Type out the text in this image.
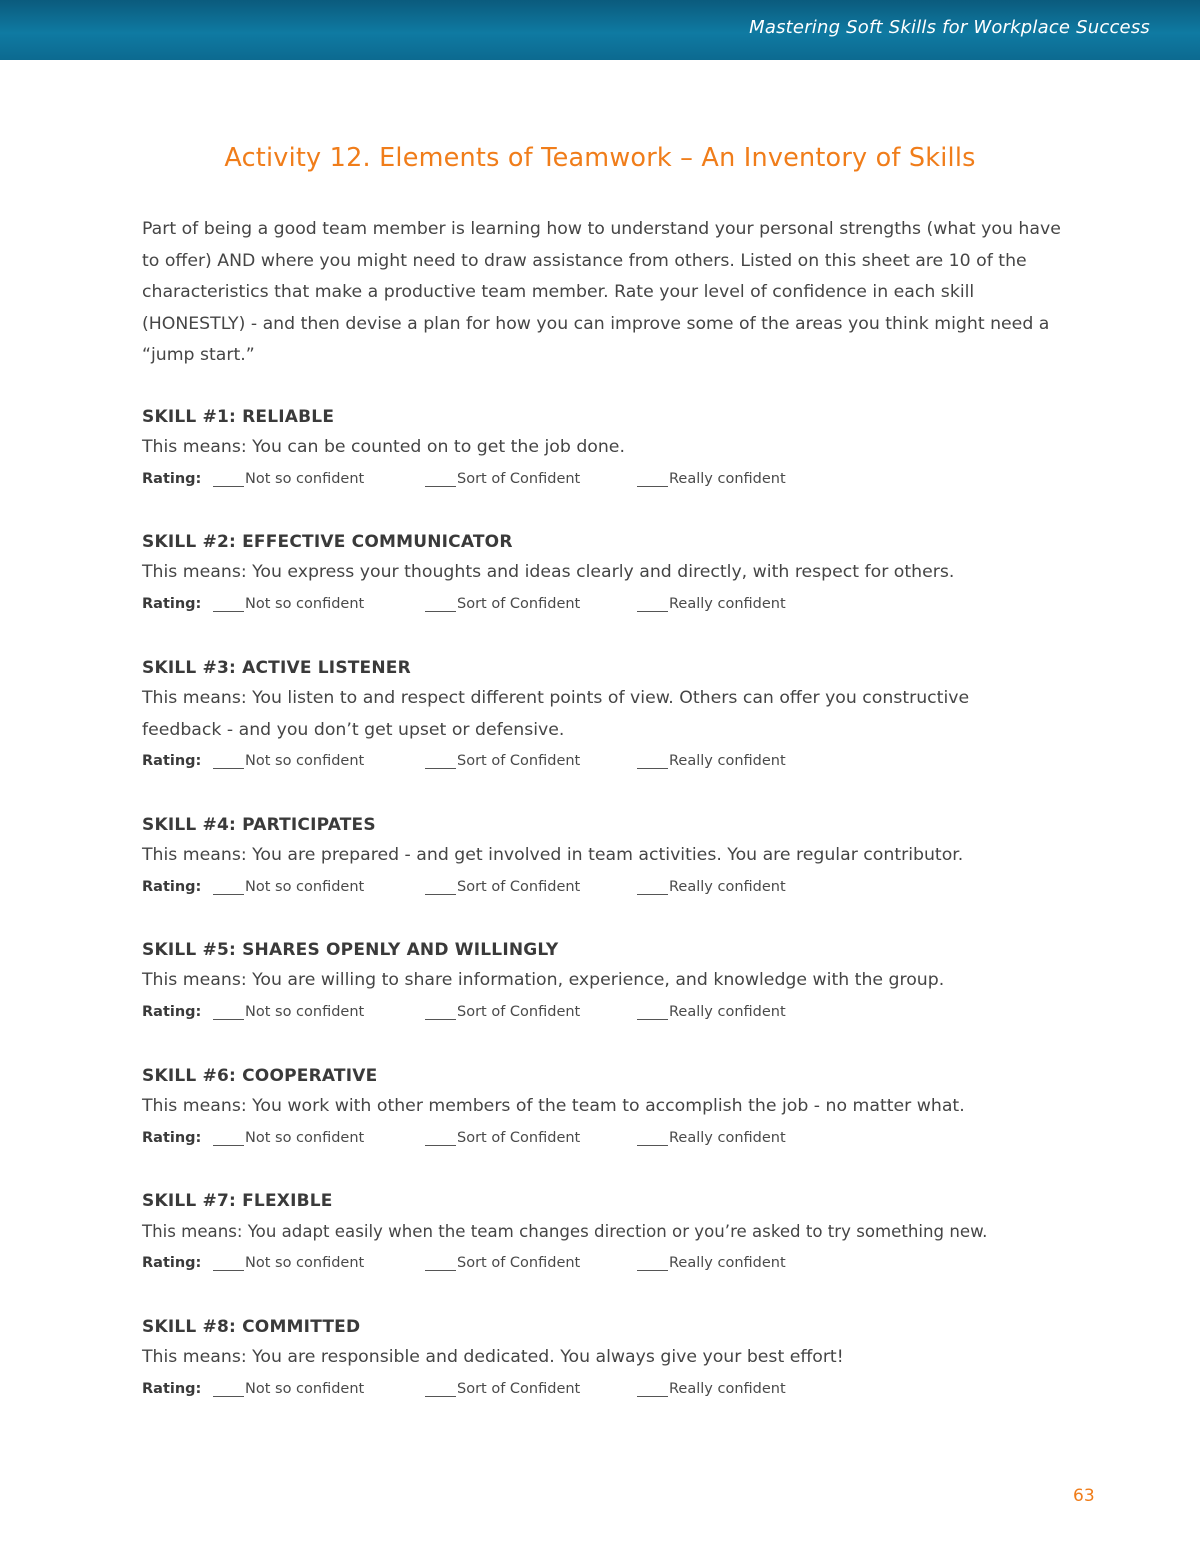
Mastering Soft Skills for Workplace Success
Activity 12. Elements of Teamwork – An Inventory of Skills
Part of being a good team member is learning how to understand your personal strengths (what you have to offer) AND where you might need to draw assistance from others. Listed on this sheet are 10 of the characteristics that make a productive team member. Rate your level of confidence in each skill (HONESTLY) - and then devise a plan for how you can improve some of the areas you think might need a “jump start.”
SKILL #1: RELIABLE
This means: You can be counted on to get the job done.
Rating:	Not so confident	Sort of Confident	Really confident
SKILL #2: EFFECTIVE COMMUNICATOR
This means: You express your thoughts and ideas clearly and directly, with respect for others.
Rating:	Not so confident	Sort of Confident	Really confident
SKILL #3: ACTIVE LISTENER
This means: You listen to and respect different points of view. Others can offer you constructive feedback - and you don’t get upset or defensive.
Rating:	Not so confident	Sort of Confident	Really confident
SKILL #4: PARTICIPATES
This means: You are prepared - and get involved in team activities. You are regular contributor.
Rating:	Not so confident	Sort of Confident	Really confident
SKILL #5: SHARES OPENLY AND WILLINGLY
This means: You are willing to share information, experience, and knowledge with the group.
Rating:	Not so confident	Sort of Confident	Really confident
SKILL #6: COOPERATIVE
This means: You work with other members of the team to accomplish the job - no matter what.
Rating:	Not so confident	Sort of Confident	Really confident
SKILL #7: FLEXIBLE
This means: You adapt easily when the team changes direction or you’re asked to try something new.
Rating:	Not so confident	Sort of Confident	Really confident
SKILL #8: COMMITTED
This means: You are responsible and dedicated. You always give your best effort!
Rating:	Not so confident	Sort of Confident	Really confident
63
